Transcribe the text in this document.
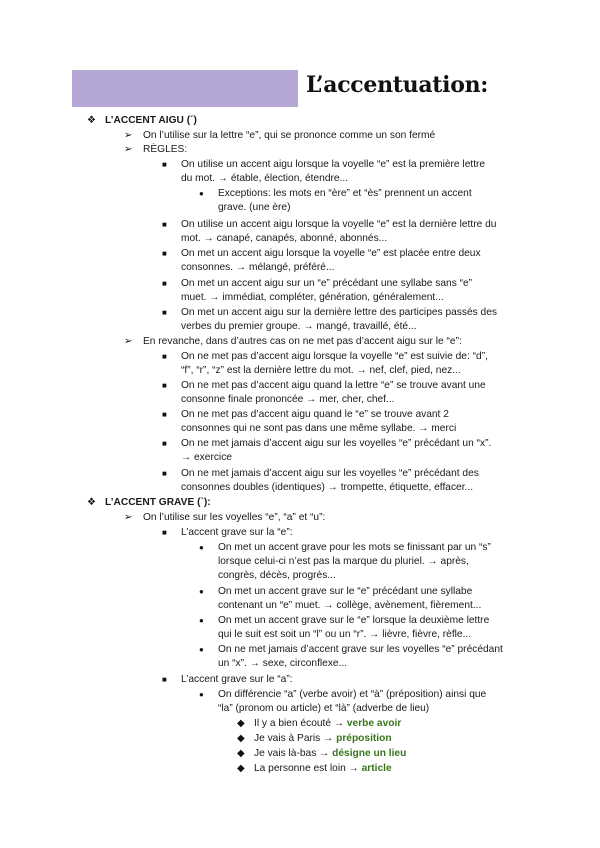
L’accentuation:
❖ L’ACCENT AIGU (´)
➢ On l’utilise sur la lettre “e”, qui se prononce comme un son fermé
➢ RÈGLES:
■ On utilise un accent aigu lorsque la voyelle “e” est la première lettre
du mot. → étable, élection, étendre...
● Exceptions: les mots en “ère” et “ès” prennent un accent
grave. (une ère)
■ On utilise un accent aigu lorsque la voyelle “e” est la dernière lettre du
mot. → canapé, canapés, abonné, abonnés...
■ On met un accent aigu lorsque la voyelle “e” est placée entre deux
consonnes. → mélangé, préféré...
■ On met un accent aigu sur un “e” précédant une syllabe sans “e”
muet. → immédiat, compléter, génération, généralement...
■ On met un accent aigu sur la dernière lettre des participes passés des
verbes du premier groupe. → mangé, travaillé, été...
➢ En revanche, dans d’autres cas on ne met pas d’accent aigu sur le “e”:
■ On ne met pas d’accent aigu lorsque la voyelle “e” est suivie de: “d”,
“f”, “r”, “z” est la dernière lettre du mot. → nef, clef, pied, nez...
■ On ne met pas d’accent aigu quand la lettre “e” se trouve avant une
consonne finale prononcée → mer, cher, chef...
■ On ne met pas d’accent aigu quand le “e” se trouve avant 2
consonnes qui ne sont pas dans une même syllabe. → merci
■ On ne met jamais d’accent aigu sur les voyelles “e” précédant un “x”.
→ exercice
■ On ne met jamais d’accent aigu sur les voyelles “e” précédant des
consonnes doubles (identiques) → trompette, étiquette, effacer...
❖ L’ACCENT GRAVE (`):
➢ On l’utilise sur les voyelles “e”, “a” et “u”:
■ L’accent grave sur la “e”:
● On met un accent grave pour les mots se finissant par un “s”
lorsque celui-ci n’est pas la marque du pluriel. → après,
congrès, décès, progrès...
● On met un accent grave sur le “e” précédant une syllabe
contenant un “e” muet. → collège, avènement, fièrement...
● On met un accent grave sur le “e” lorsque la deuxième lettre
qui le suit est soit un “l” ou un “r”. → lièvre, fièvre, rèfle...
● On ne met jamais d’accent grave sur les voyelles “e” précédant
un “x”. → sexe, circonflexe...
■ L’accent grave sur le “a”:
● On différencie “a” (verbe avoir) et “à” (préposition) ainsi que
“la” (pronom ou article) et “là” (adverbe de lieu)
◆ Il y a bien écouté → verbe avoir
◆ Je vais à Paris → préposition
◆ Je vais là-bas → désigne un lieu
◆ La personne est loin → article
